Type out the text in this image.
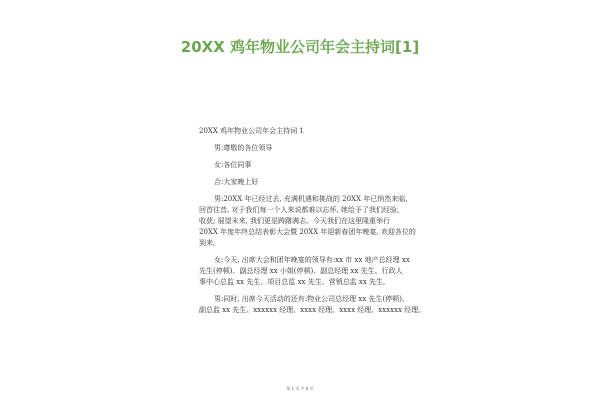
20XX 鸡年物业公司年会主持词[1]

20XX 鸡年物业公司年会主持词 1

男:尊敬的各位领导

女:各位同事

合:大家晚上好

男:20XX 年已经过去, 充满机遇和挑战的 20XX 年已悄然来临,

回首往昔, 对于我们每一个人来说都难以忘怀, 她给予了我们经验、

收获; 展望未来, 我们更是踌躇满志。今天我们在这里隆重举行

20XX 年度年终总结表彰大会暨 20XX 年迎新春团年晚宴, 欢迎各位的

到来。

女:今天, 出席大会和团年晚宴的领导有:xx 市 xx 地产总经理 xx

先生(停顿)、副总经理 xx 小姐(停顿)、副总经理 xx 先生、行政人

事中心总监 xx 先生、项目总监 xx 先生、营销总监 xx 先生。

男:同时, 出席今天活动的还有:物业公司总经理 xx 先生(停顿)、

副总监 xx 先生、xxxxxx 经理、xxxx 经理、xxxx 经理、xxxxxx 经理。

第 1 页 共 8 页
